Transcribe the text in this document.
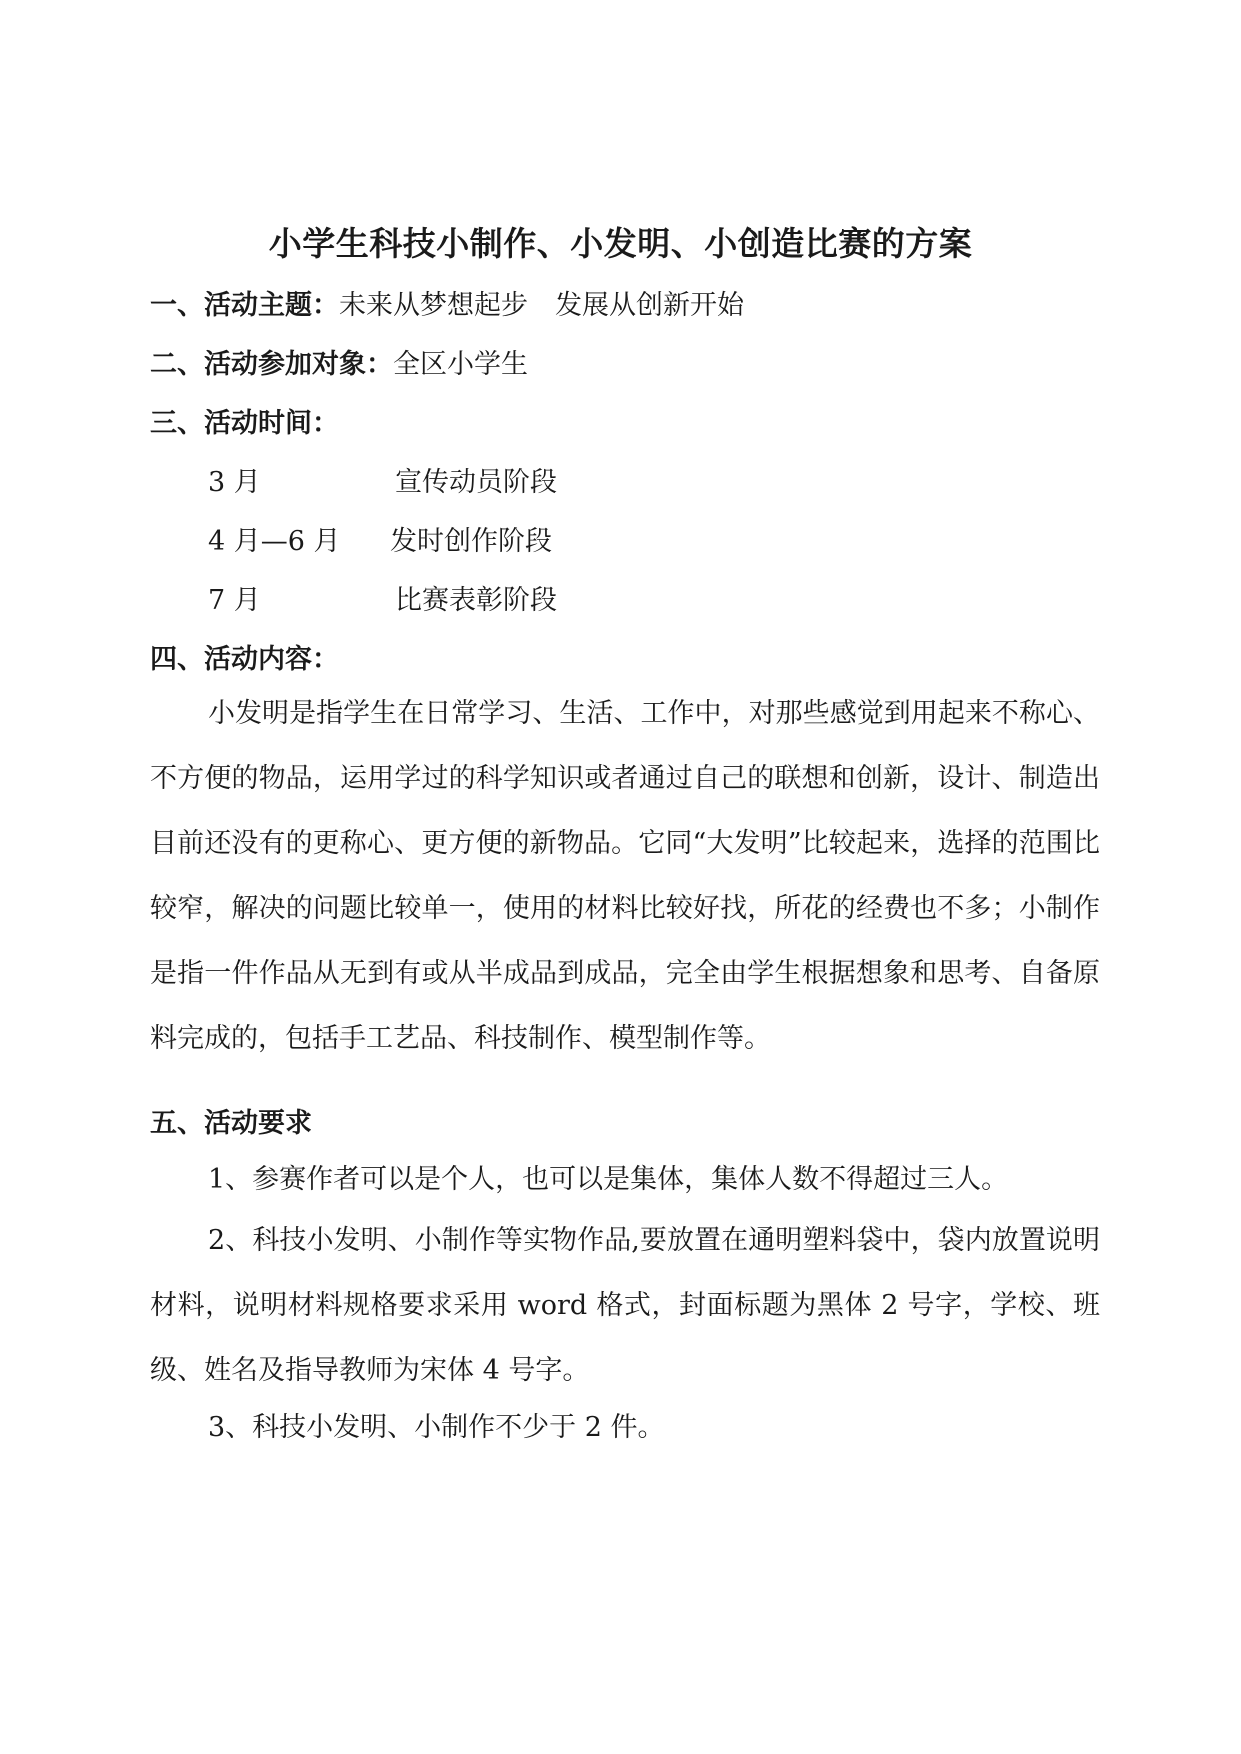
小学生科技小制作、小发明、小创造比赛的方案
一、活动主题：未来从梦想起步　发展从创新开始
二、活动参加对象：全区小学生
三、活动时间：
3 月	宣传动员阶段
4 月—6 月 发时创作阶段
7 月	比赛表彰阶段
四、活动内容：
小发明是指学生在日常学习、生活、工作中，对那些感觉到用起来不称心、不方便的物品，运用学过的科学知识或者通过自己的联想和创新，设计、制造出目前还没有的更称心、更方便的新物品。它同“大发明”比较起来，选择的范围比较窄，解决的问题比较单一，使用的材料比较好找，所花的经费也不多；小制作是指一件作品从无到有或从半成品到成品，完全由学生根据想象和思考、自备原料完成的，包括手工艺品、科技制作、模型制作等。
五、活动要求
1、参赛作者可以是个人，也可以是集体，集体人数不得超过三人。
2、科技小发明、小制作等实物作品,要放置在通明塑料袋中，袋内放置说明材料，说明材料规格要求采用 word 格式，封面标题为黑体 2 号字，学校、班级、姓名及指导教师为宋体 4 号字。
3、科技小发明、小制作不少于 2 件。
